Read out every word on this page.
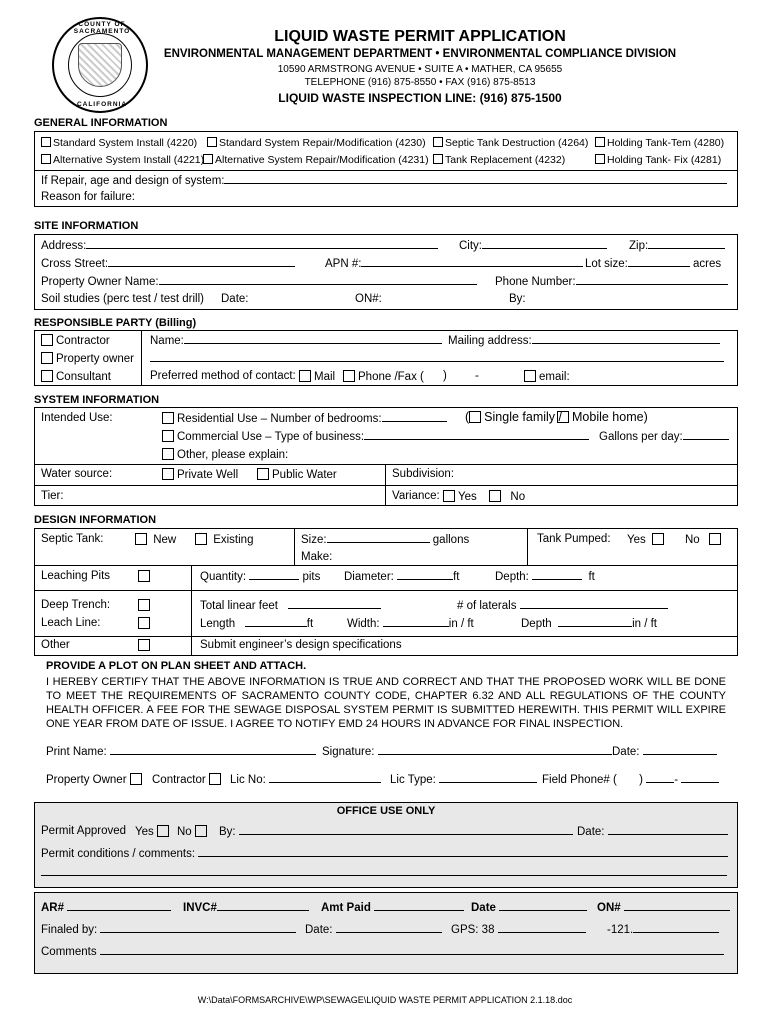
COUNTY OF SACRAMENTO
CALIFORNIA
LIQUID WASTE PERMIT APPLICATION
ENVIRONMENTAL MANAGEMENT DEPARTMENT • ENVIRONMENTAL COMPLIANCE DIVISION
10590 ARMSTRONG AVENUE • SUITE A • MATHER, CA 95655
TELEPHONE (916) 875-8550 • FAX (916) 875-8513
LIQUID WASTE INSPECTION LINE: (916) 875-1500
GENERAL INFORMATION
Standard System Install (4220)	Standard System Repair/Modification (4230)	Septic Tank Destruction (4264)	Holding Tank-Tem (4280)
Alternative System Install (4221)	Alternative System Repair/Modification (4231)	Tank Replacement (4232)	Holding Tank- Fix (4281)
If Repair, age and design of system:
Reason for failure:
SITE INFORMATION
Address:	City:	Zip:
Cross Street:	APN #:	Lot size:	acres
Property Owner Name:	Phone Number:
Soil studies (perc test / test drill) Date:	ON#:	By:
RESPONSIBLE PARTY (Billing)
Contractor
Property owner
Consultant
Name:	Mailing address:
Preferred method of contact:	Mail	Phone /Fax ( ) -	email:
SYSTEM INFORMATION
Intended Use:	Residential Use – Number of bedrooms:	( Single family / Mobile home)
Commercial Use – Type of business:	Gallons per day:
Other, please explain:
Water source:	Private Well	Public Water	Subdivision:
Tier:	Variance:	Yes	No
DESIGN INFORMATION
Septic Tank:	New	Existing	Size:	gallons
Make:
Tank Pumped: Yes	No
Leaching Pits	Quantity:	pits Diameter:	ft	Depth:	ft
Deep Trench:
Leach Line:
Total linear feet	# of laterals
Length	ft	Width:	in / ft	Depth	in / ft
Other	Submit engineer’s design specifications
PROVIDE A PLOT ON PLAN SHEET AND ATTACH.
I HEREBY CERTIFY THAT THE ABOVE INFORMATION IS TRUE AND CORRECT AND THAT THE PROPOSED WORK WILL BE DONE TO MEET THE REQUIREMENTS OF SACRAMENTO COUNTY CODE, CHAPTER 6.32 AND ALL REGULATIONS OF THE COUNTY HEALTH OFFICER. A FEE FOR THE SEWAGE DISPOSAL SYSTEM PERMIT IS SUBMITTED HEREWITH. THIS PERMIT WILL EXPIRE ONE YEAR FROM DATE OF ISSUE. I AGREE TO NOTIFY EMD 24 HOURS IN ADVANCE FOR FINAL INSPECTION.
Print Name:	Signature:	Date:
Property Owner	Contractor	Lic No:	Lic Type:	Field Phone# ( )	-
OFFICE USE ONLY
Permit Approved Yes	No	By:	Date:
Permit conditions / comments:
AR#	INVC#	Amt Paid	Date	ON#
Finaled by:	Date:	GPS: 38	-121.
Comments
W:\Data\FORMSARCHIVE\WP\SEWAGE\LIQUID WASTE PERMIT APPLICATION 2.1.18.doc
